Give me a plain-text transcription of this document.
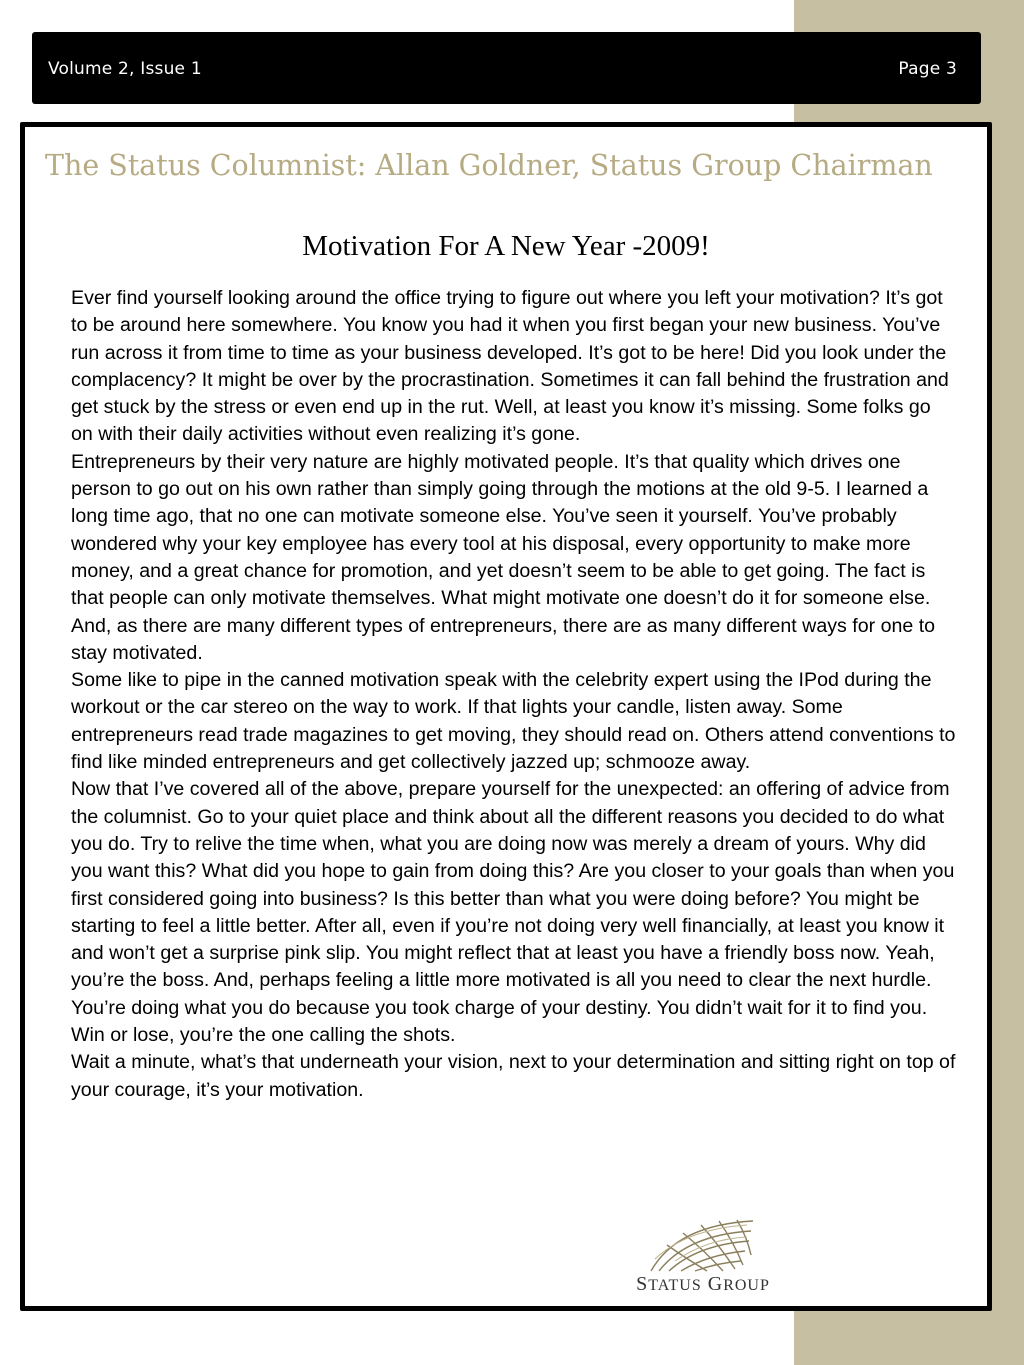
Volume 2, Issue 1	Page 3
The Status Columnist: Allan Goldner, Status Group Chairman
Motivation For A New Year -2009!

Ever find yourself looking around the office trying to figure out where you left your motivation? It’s got to be around here somewhere. You know you had it when you first began your new business. You’ve run across it from time to time as your business developed. It’s got to be here! Did you look under the complacency? It might be over by the procrastination. Sometimes it can fall behind the frustration and get stuck by the stress or even end up in the rut. Well, at least you know it’s missing. Some folks go on with their daily activities without even realizing it’s gone.

Entrepreneurs by their very nature are highly motivated people. It’s that quality which drives one person to go out on his own rather than simply going through the motions at the old 9-5. I learned a long time ago, that no one can motivate someone else. You’ve seen it yourself. You’ve probably wondered why your key employee has every tool at his disposal, every opportunity to make more money, and a great chance for promotion, and yet doesn’t seem to be able to get going. The fact is that people can only motivate themselves. What might motivate one doesn’t do it for someone else. And, as there are many different types of entrepreneurs, there are as many different ways for one to stay motivated.

Some like to pipe in the canned motivation speak with the celebrity expert using the IPod during the workout or the car stereo on the way to work. If that lights your candle, listen away. Some entrepreneurs read trade magazines to get moving, they should read on. Others attend conventions to find like minded entrepreneurs and get collectively jazzed up; schmooze away.

Now that I’ve covered all of the above, prepare yourself for the unexpected: an offering of advice from the columnist. Go to your quiet place and think about all the different reasons you decided to do what you do. Try to relive the time when, what you are doing now was merely a dream of yours. Why did you want this? What did you hope to gain from doing this? Are you closer to your goals than when you first considered going into business? Is this better than what you were doing before? You might be starting to feel a little better. After all, even if you’re not doing very well financially, at least you know it and won’t get a surprise pink slip. You might reflect that at least you have a friendly boss now. Yeah, you’re the boss. And, perhaps feeling a little more motivated is all you need to clear the next hurdle. You’re doing what you do because you took charge of your destiny. You didn’t wait for it to find you. Win or lose, you’re the one calling the shots.

Wait a minute, what’s that underneath your vision, next to your determination and sitting right on top of your courage, it’s your motivation.

STATUS GROUP
